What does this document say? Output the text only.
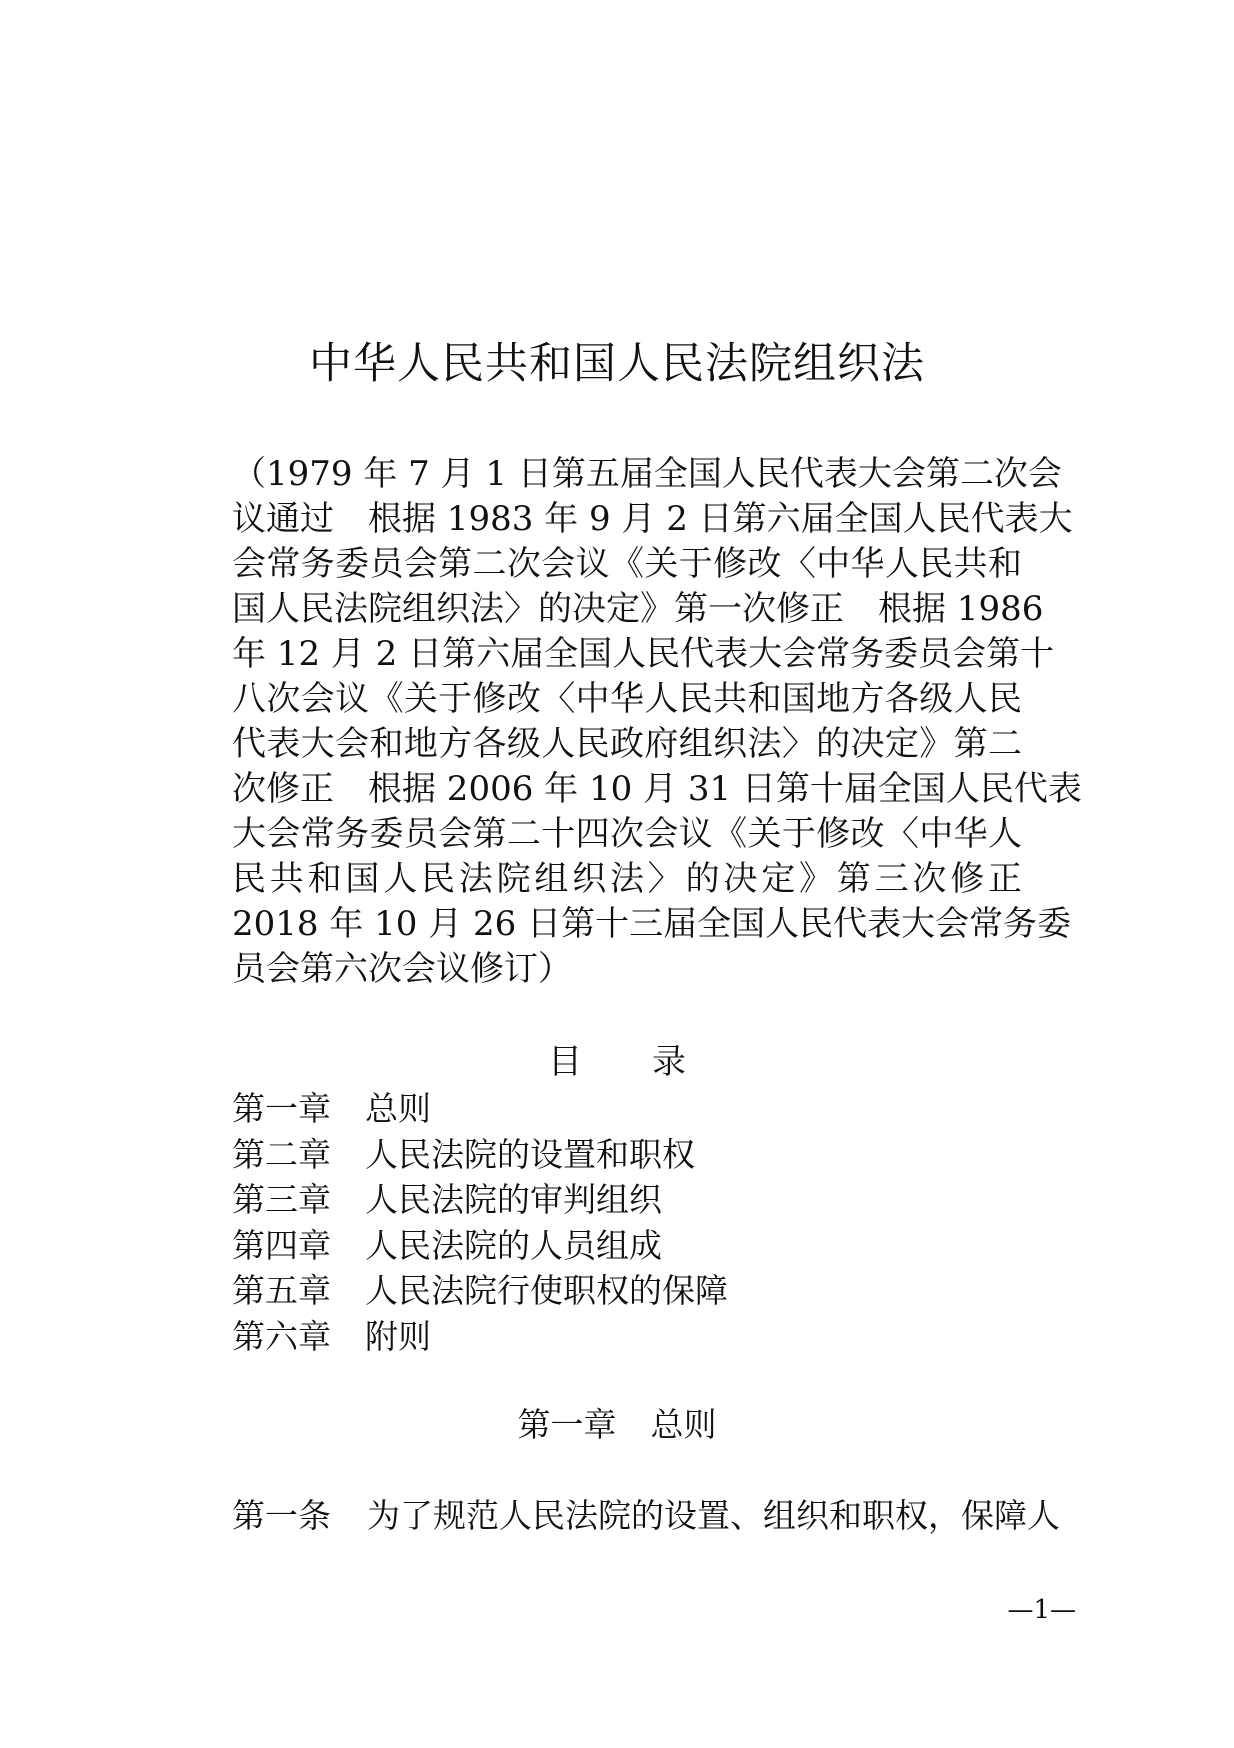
中华人民共和国人民法院组织法
（1979 年 7 月 1 日第五届全国人民代表大会第二次会
议通过　根据 1983 年 9 月 2 日第六届全国人民代表大
会常务委员会第二次会议《关于修改〈中华人民共和
国人民法院组织法〉的决定》第一次修正　根据 1986
年 12 月 2 日第六届全国人民代表大会常务委员会第十
八次会议《关于修改〈中华人民共和国地方各级人民
代表大会和地方各级人民政府组织法〉的决定》第二
次修正　根据 2006 年 10 月 31 日第十届全国人民代表
大会常务委员会第二十四次会议《关于修改〈中华人
民共和国人民法院组织法〉的决定》第三次修正
2018 年 10 月 26 日第十三届全国人民代表大会常务委
员会第六次会议修订）
目 录
第一章 总则
第二章 人民法院的设置和职权
第三章 人民法院的审判组织
第四章 人民法院的人员组成
第五章 人民法院行使职权的保障
第六章 附则
第一章 总则

第一条 为了规范人民法院的设置、组织和职权，保障人

—1—
